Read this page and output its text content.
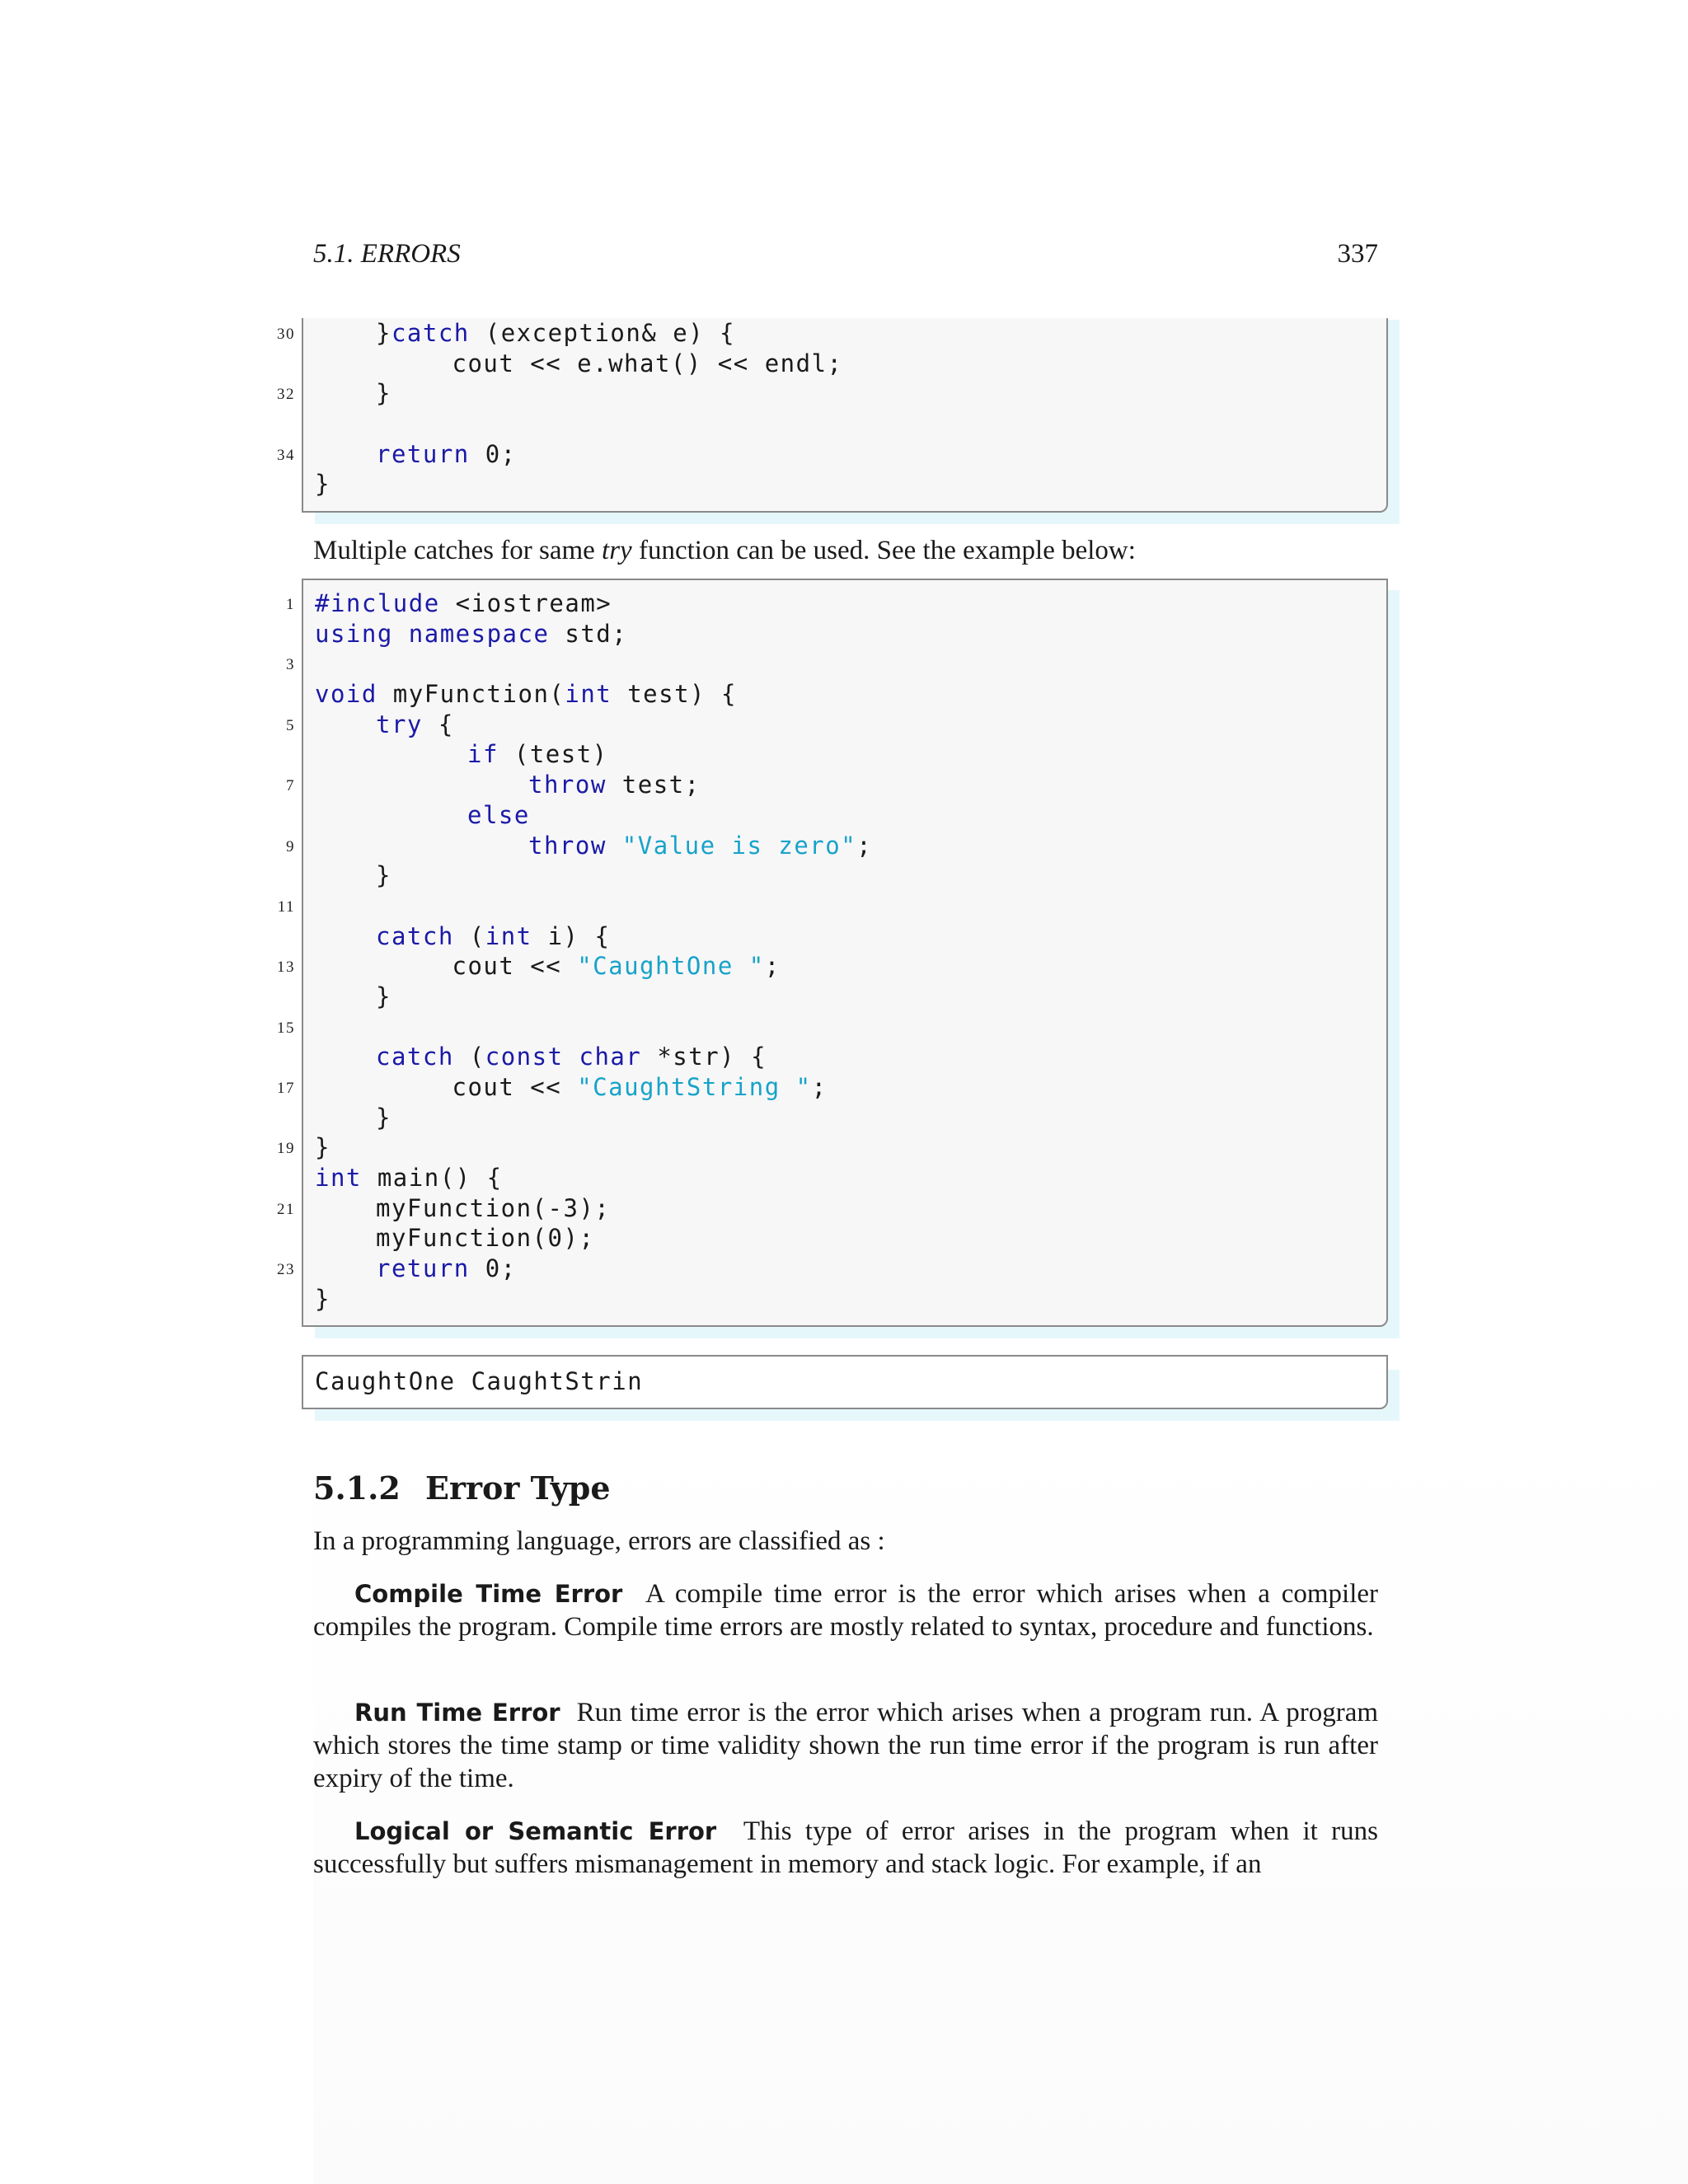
5.1. ERRORS	337
30	}catch (exception& e) {
cout << e.what() << endl;
32	}
34	return 0;
}
Multiple catches for same try function can be used. See the example below:
1 #include <iostream>
using namespace std;
3
void myFunction(int test) {
5	try {
if (test)
7	throw test;
else
9	throw "Value is zero";
}
11
catch (int i) {
13	cout << "CaughtOne ";
}
15
catch (const char *str) {
17	cout << "CaughtString ";
}
19 }
int main() {
21	myFunction(-3);
myFunction(0);
23	return 0;
}

CaughtOne CaughtStrin

5.1.2 Error Type
In a programming language, errors are classified as :
Compile Time Error A compile time error is the error which arises when a compiler compiles the program. Compile time errors are mostly related to syntax, procedure and functions.
Run Time Error Run time error is the error which arises when a program run. A program which stores the time stamp or time validity shown the run time error if the program is run after expiry of the time.
Logical or Semantic Error This type of error arises in the program when it runs successfully but suffers mismanagement in memory and stack logic. For example, if an
